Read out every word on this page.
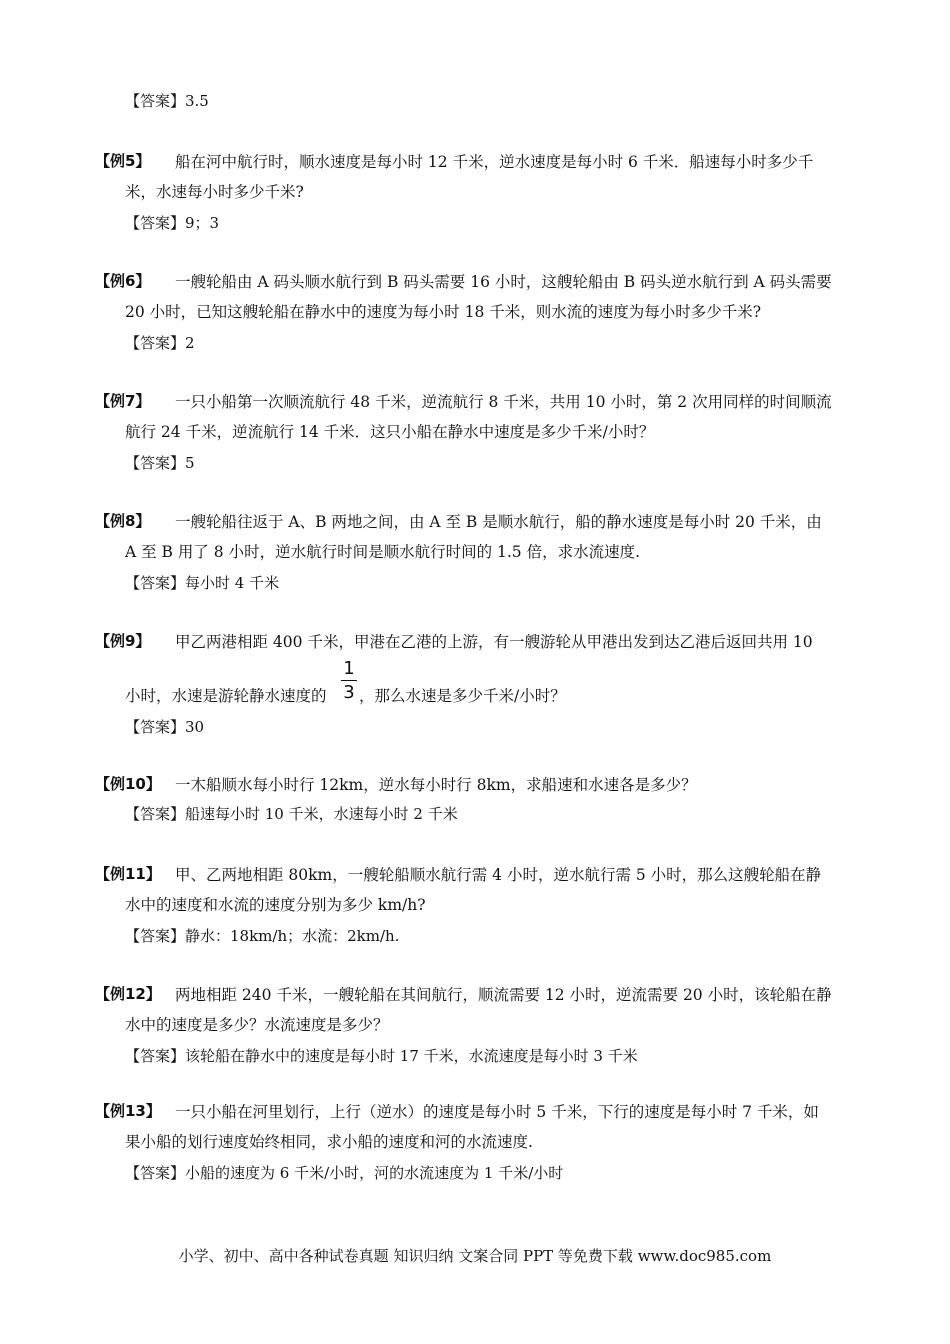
【答案】3.5
【例5】 船在河中航行时，顺水速度是每小时 12 千米，逆水速度是每小时 6 千米．船速每小时多少千
米，水速每小时多少千米?
【答案】9；3
【例6】 一艘轮船由 A 码头顺水航行到 B 码头需要 16 小时，这艘轮船由 B 码头逆水航行到 A 码头需要
20 小时，已知这艘轮船在静水中的速度为每小时 18 千米，则水流的速度为每小时多少千米?
【答案】2
【例7】 一只小船第一次顺流航行 48 千米，逆流航行 8 千米，共用 10 小时，第 2 次用同样的时间顺流
航行 24 千米，逆流航行 14 千米．这只小船在静水中速度是多少千米/小时？
【答案】5
【例8】 一艘轮船往返于 A、B 两地之间，由 A 至 B 是顺水航行，船的静水速度是每小时 20 千米，由
A 至 B 用了 8 小时，逆水航行时间是顺水航行时间的 1.5 倍，求水流速度.
【答案】每小时 4 千米
【例9】 甲乙两港相距 400 千米，甲港在乙港的上游，有一艘游轮从甲港出发到达乙港后返回共用 10
小时，水速是游轮静水速度的
1
3 ，那么水速是多少千米/小时？
【答案】30
【例10】 一木船顺水每小时行 12km，逆水每小时行 8km，求船速和水速各是多少？
【答案】船速每小时 10 千米，水速每小时 2 千米
【例11】 甲、乙两地相距 80km，一艘轮船顺水航行需 4 小时，逆水航行需 5 小时，那么这艘轮船在静
水中的速度和水流的速度分别为多少 km/h?
【答案】静水：18km/h；水流：2km/h.
【例12】 两地相距 240 千米，一艘轮船在其间航行，顺流需要 12 小时，逆流需要 20 小时，该轮船在静
水中的速度是多少？水流速度是多少？
【答案】该轮船在静水中的速度是每小时 17 千米，水流速度是每小时 3 千米
【例13】 一只小船在河里划行，上行（逆水）的速度是每小时 5 千米，下行的速度是每小时 7 千米，如
果小船的划行速度始终相同，求小船的速度和河的水流速度.
【答案】小船的速度为 6 千米/小时，河的水流速度为 1 千米/小时
小学、初中、高中各种试卷真题 知识归纳 文案合同 PPT 等免费下载 www.doc985.com
